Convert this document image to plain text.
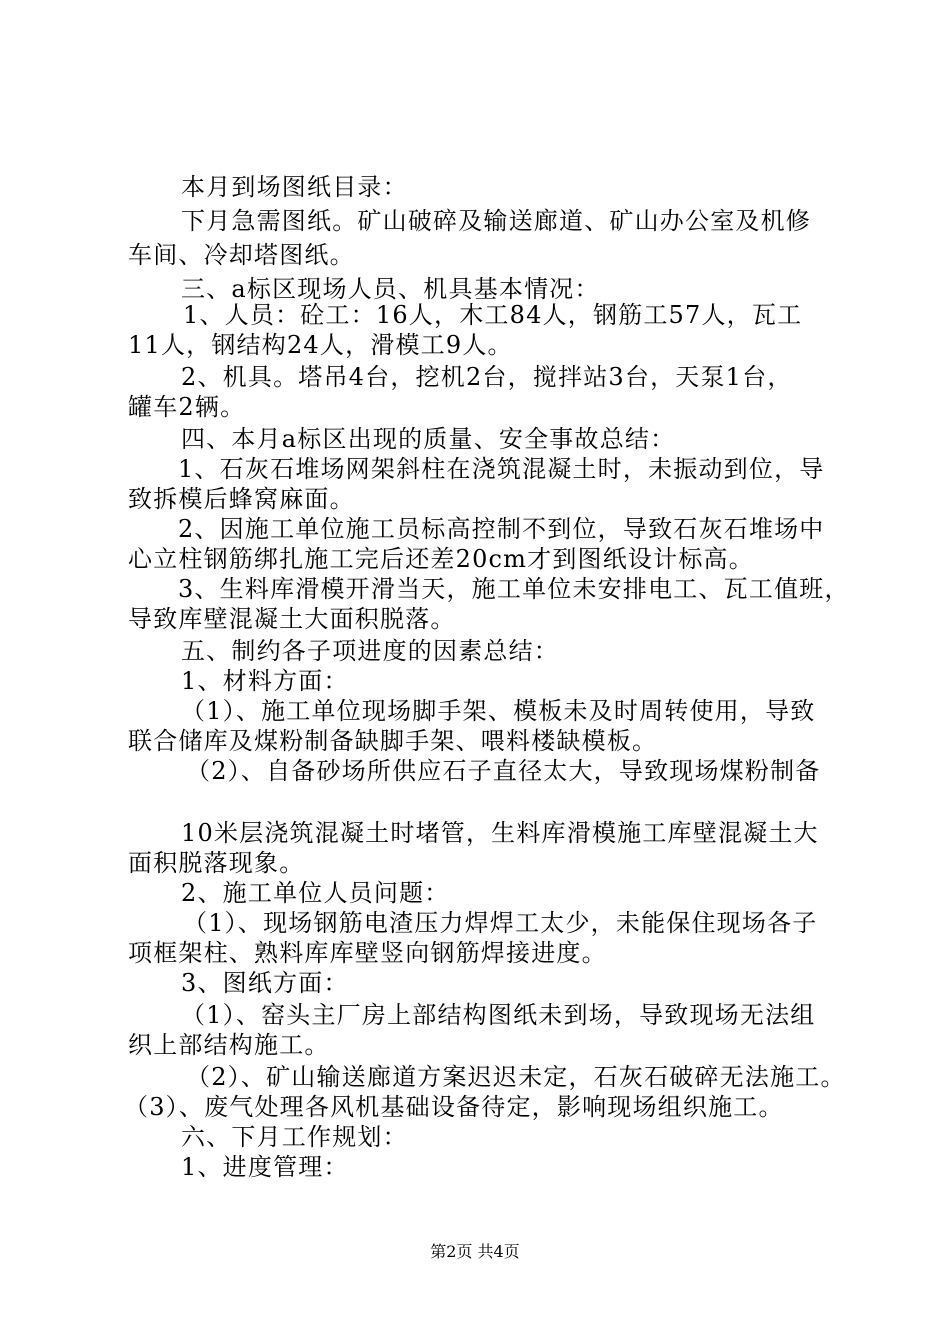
本月到场图纸目录：
下月急需图纸。矿山破碎及输送廊道、矿山办公室及机修
车间、冷却塔图纸。
三、a标区现场人员、机具基本情况：
1、人员：砼工：16人，木工84人，钢筋工57人，瓦工
11人，钢结构24人，滑模工9人。
2、机具。塔吊4台，挖机2台，搅拌站3台，天泵1台，
罐车2辆。
四、本月a标区出现的质量、安全事故总结：
1、石灰石堆场网架斜柱在浇筑混凝土时，未振动到位，导
致拆模后蜂窝麻面。
2、因施工单位施工员标高控制不到位，导致石灰石堆场中
心立柱钢筋绑扎施工完后还差20cm才到图纸设计标高。
3、生料库滑模开滑当天，施工单位未安排电工、瓦工值班，
导致库壁混凝土大面积脱落。
五、制约各子项进度的因素总结：
1、材料方面：
（1）、施工单位现场脚手架、模板未及时周转使用，导致
联合储库及煤粉制备缺脚手架、喂料楼缺模板。
（2）、自备砂场所供应石子直径太大，导致现场煤粉制备
10米层浇筑混凝土时堵管，生料库滑模施工库壁混凝土大
面积脱落现象。
2、施工单位人员问题：
（1）、现场钢筋电渣压力焊焊工太少，未能保住现场各子
项框架柱、熟料库库壁竖向钢筋焊接进度。
3、图纸方面：
（1）、窑头主厂房上部结构图纸未到场，导致现场无法组
织上部结构施工。
（2）、矿山输送廊道方案迟迟未定，石灰石破碎无法施工。
（3）、废气处理各风机基础设备待定，影响现场组织施工。
六、下月工作规划：
1、进度管理：
第2页 共4页
